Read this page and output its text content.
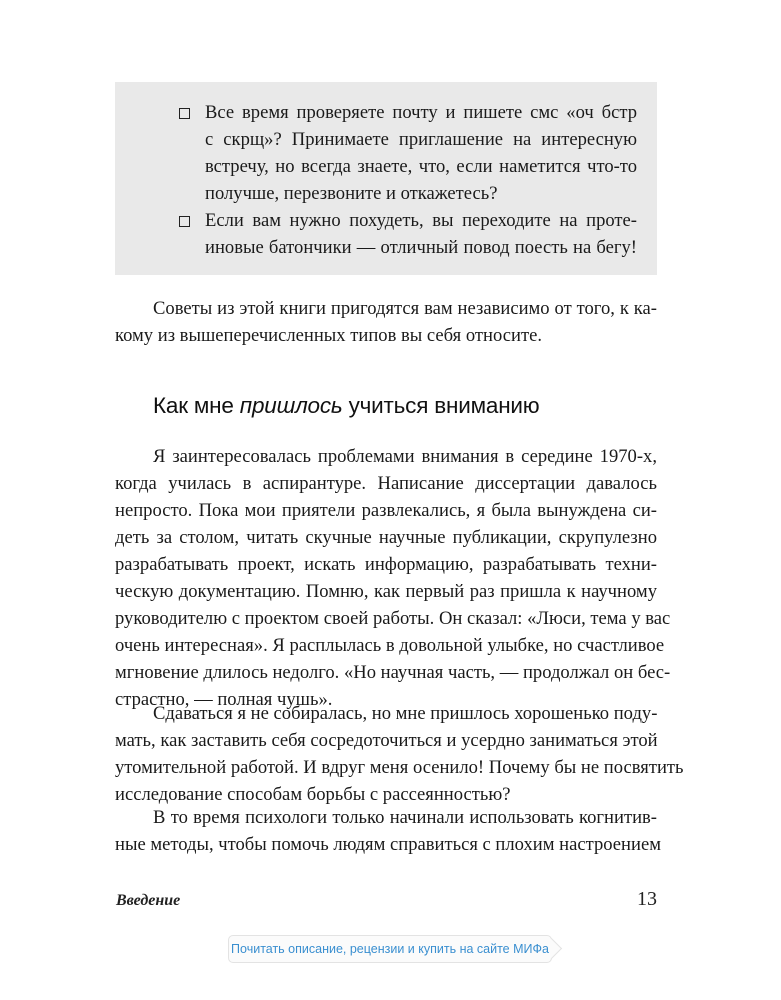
Все время проверяете почту и пишете смс «оч бстр
с скрщ»? Принимаете приглашение на интересную
встречу, но всегда знаете, что, если наметится что-то
получше, перезвоните и откажетесь?
Если вам нужно похудеть, вы переходите на проте-
иновые батончики — отличный повод поесть на бегу!
Советы из этой книги пригодятся вам независимо от того, к ка-
кому из вышеперечисленных типов вы себя относите.
Как мне пришлось учиться вниманию
Я заинтересовалась проблемами внимания в середине 1970-х,
когда училась в аспирантуре. Написание диссертации давалось
непросто. Пока мои приятели развлекались, я была вынуждена си-
деть за столом, читать скучные научные публикации, скрупулезно
разрабатывать проект, искать информацию, разрабатывать техни-
ческую документацию. Помню, как первый раз пришла к научному
руководителю с проектом своей работы. Он сказал: «Люси, тема у вас
очень интересная». Я расплылась в довольной улыбке, но счастливое
мгновение длилось недолго. «Но научная часть, — продолжал он бес-
страстно, — полная чушь».
Сдаваться я не собиралась, но мне пришлось хорошенько поду-
мать, как заставить себя сосредоточиться и усердно заниматься этой
утомительной работой. И вдруг меня осенило! Почему бы не посвятить
исследование способам борьбы с рассеянностью?
В то время психологи только начинали использовать когнитив-
ные методы, чтобы помочь людям справиться с плохим настроением
Введение	13
Почитать описание, рецензии и купить на сайте МИФа
